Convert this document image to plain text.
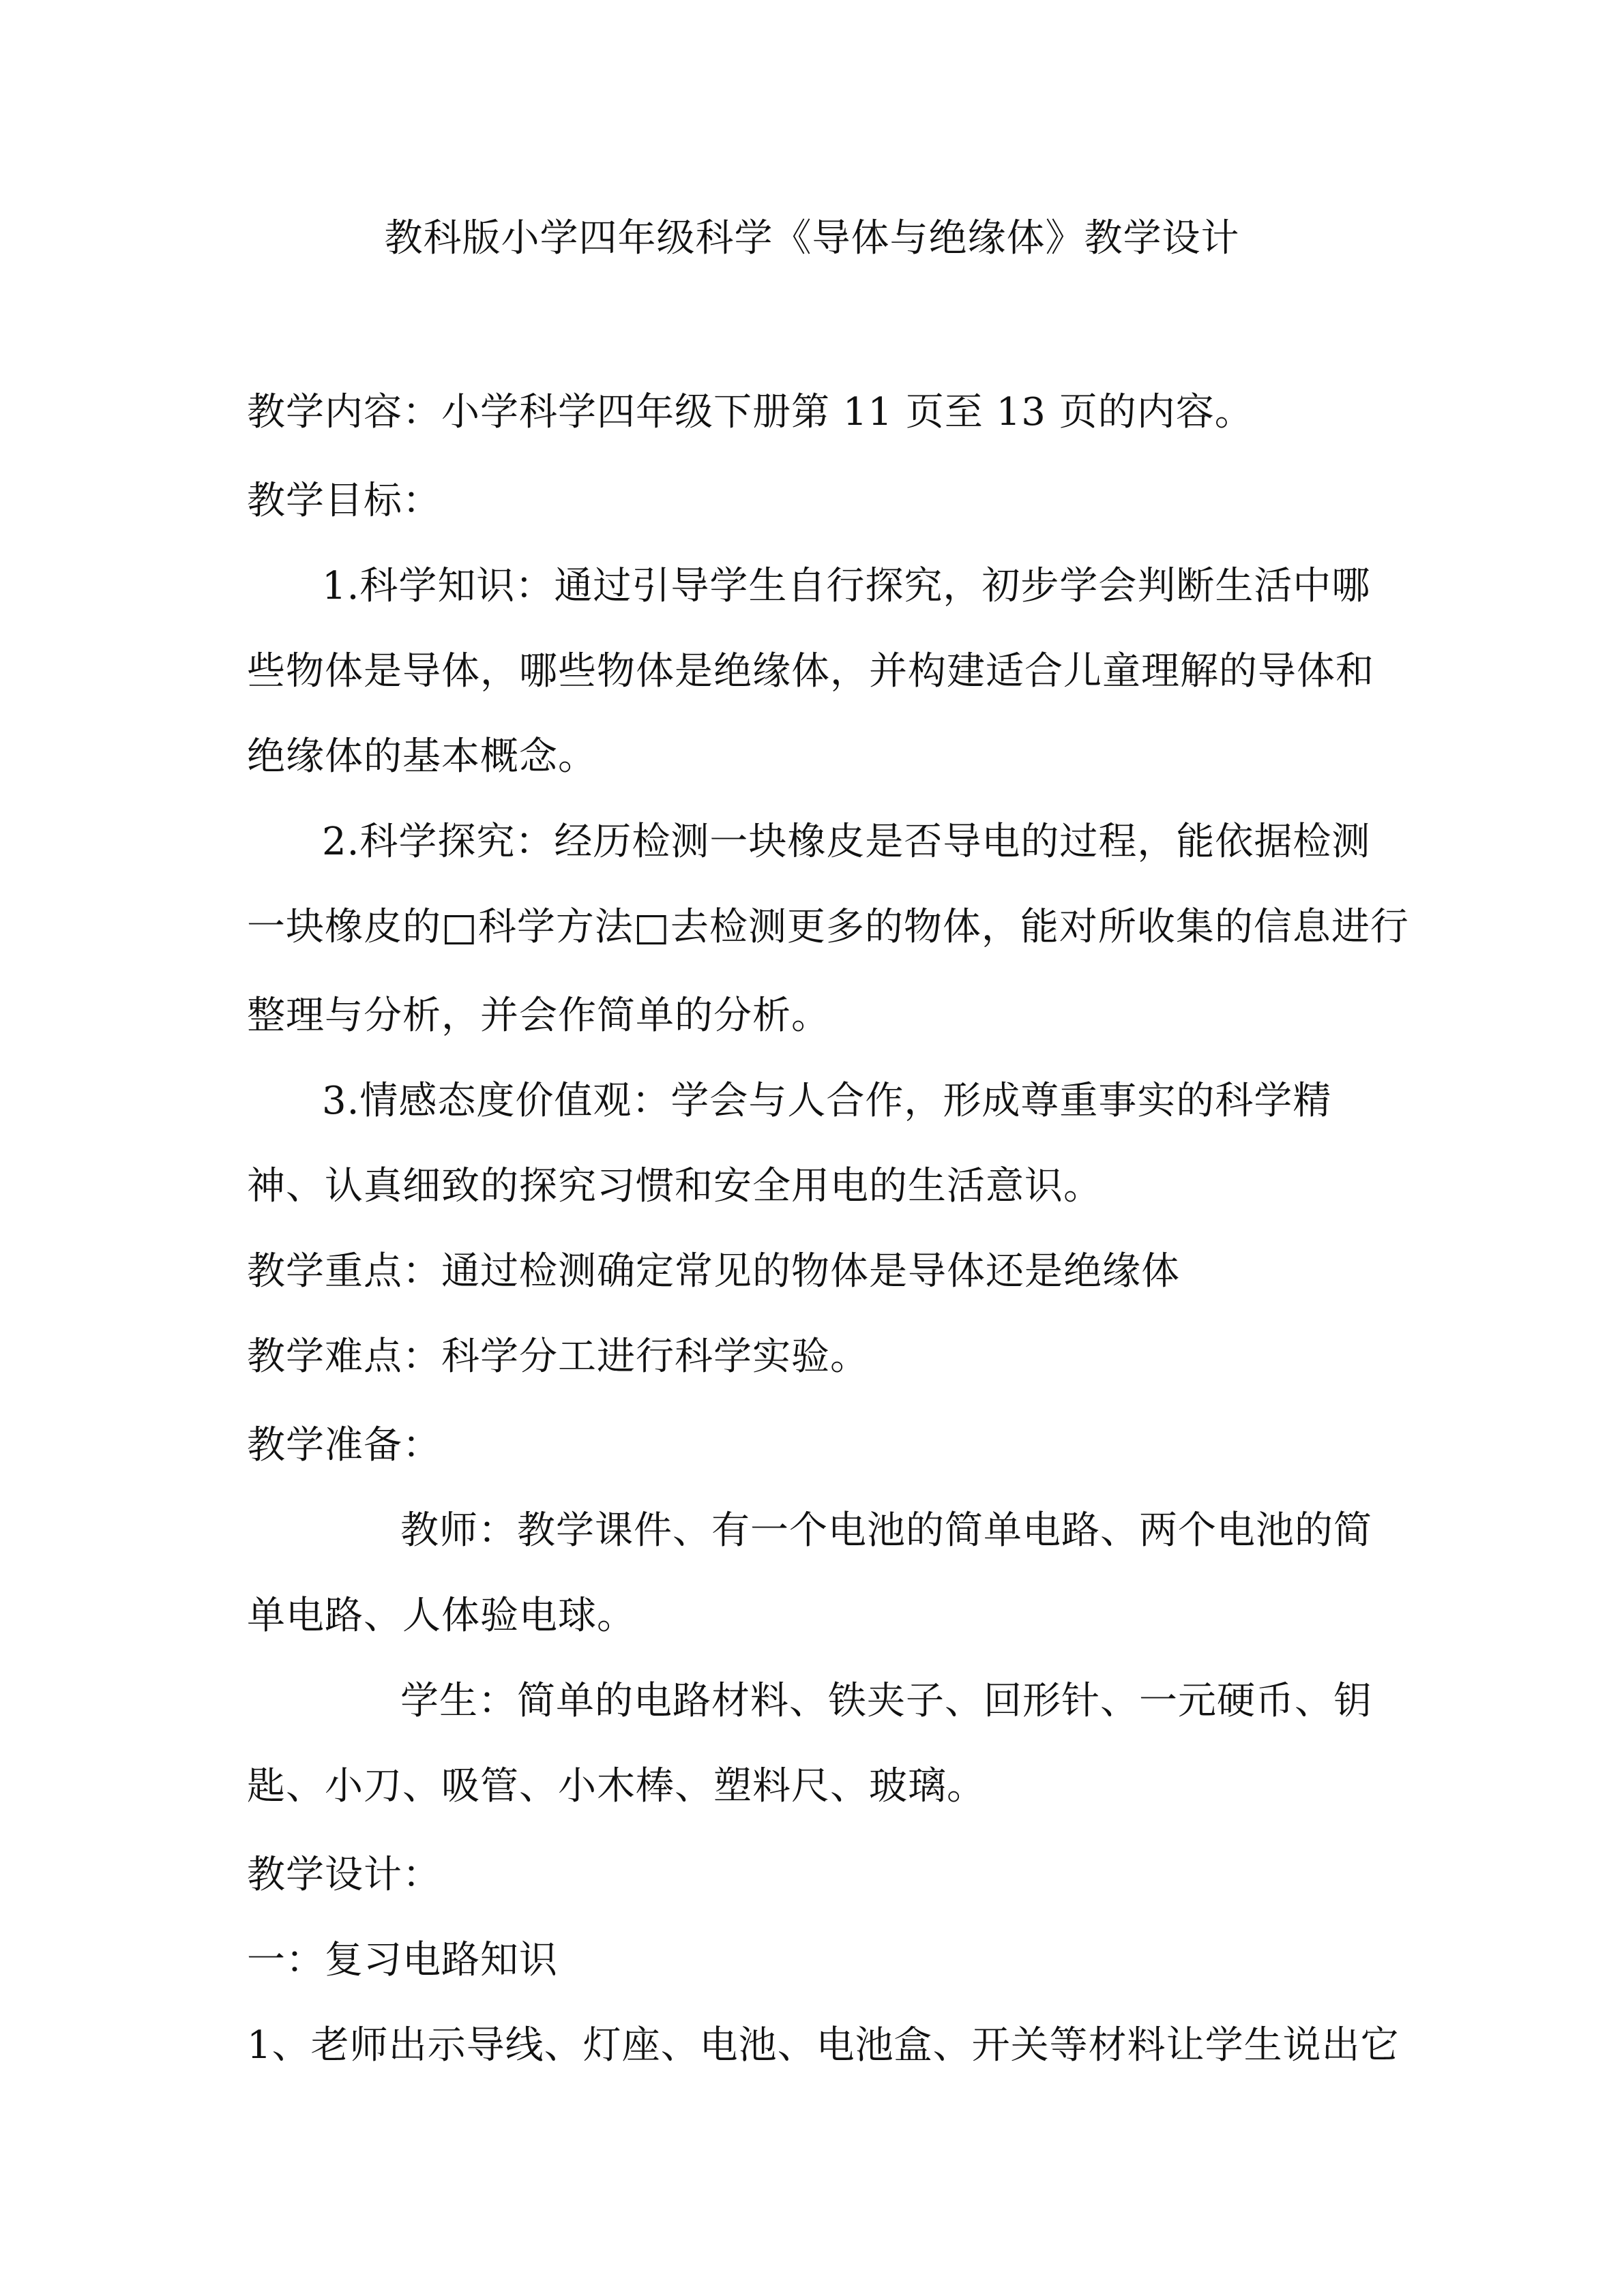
教科版小学四年级科学《导体与绝缘体》教学设计
教学内容：小学科学四年级下册第 11 页至 13 页的内容。
教学目标：
1.科学知识：通过引导学生自行探究，初步学会判断生活中哪
些物体是导体，哪些物体是绝缘体，并构建适合儿童理解的导体和
绝缘体的基本概念。
2.科学探究：经历检测一块橡皮是否导电的过程，能依据检测
一块橡皮的□科学方法□去检测更多的物体，能对所收集的信息进行
整理与分析，并会作简单的分析。
3.情感态度价值观：学会与人合作，形成尊重事实的科学精
神、认真细致的探究习惯和安全用电的生活意识。
教学重点：通过检测确定常见的物体是导体还是绝缘体
教学难点：科学分工进行科学实验。
教学准备：
教师：教学课件、有一个电池的简单电路、两个电池的简
单电路、人体验电球。
学生：简单的电路材料、铁夹子、回形针、一元硬币、钥
匙、小刀、吸管、小木棒、塑料尺、玻璃。
教学设计：
一：复习电路知识
1、老师出示导线、灯座、电池、电池盒、开关等材料让学生说出它
